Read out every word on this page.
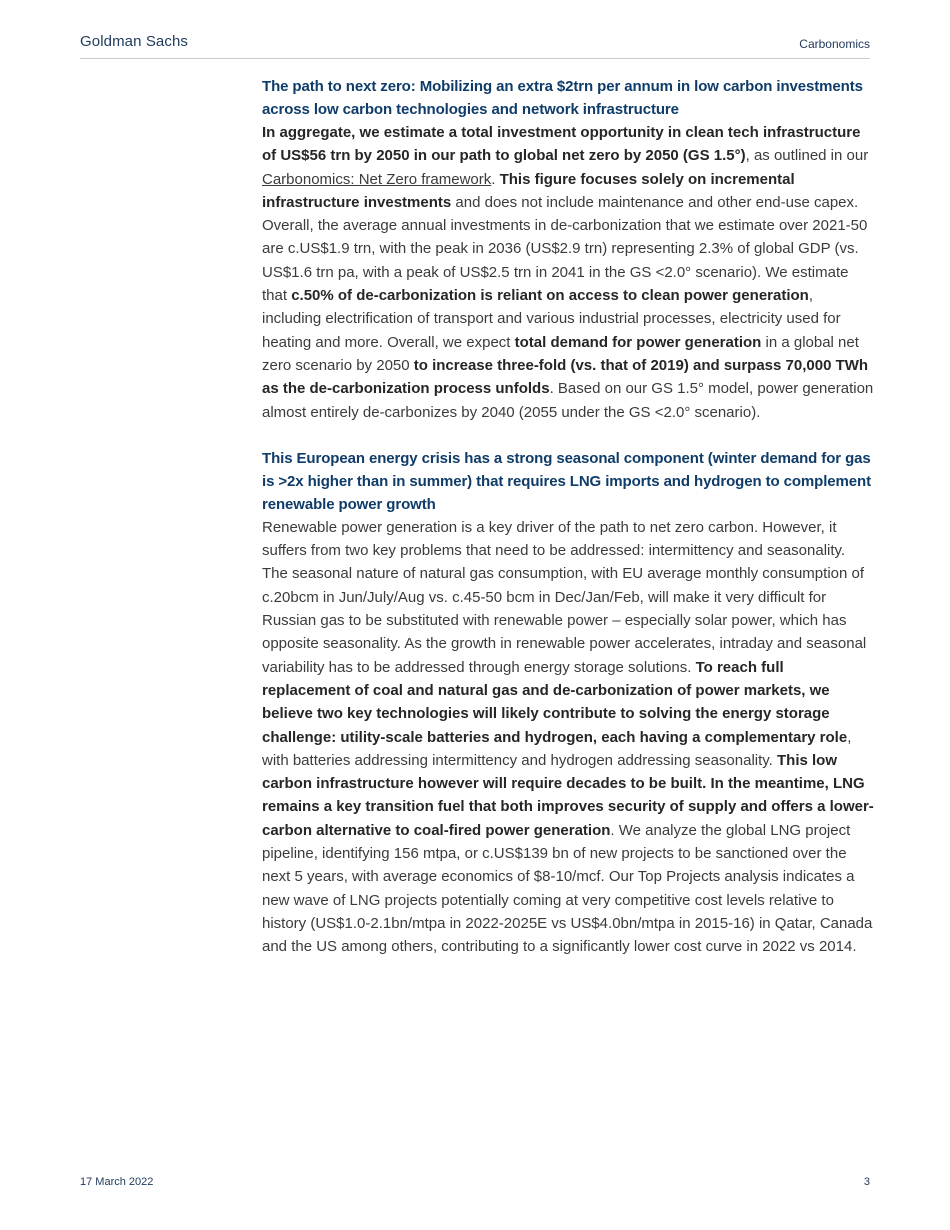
Goldman Sachs	Carbonomics
The path to next zero: Mobilizing an extra $2trn per annum in low carbon investments across low carbon technologies and network infrastructure

In aggregate, we estimate a total investment opportunity in clean tech infrastructure of US$56 trn by 2050 in our path to global net zero by 2050 (GS 1.5°), as outlined in our Carbonomics: Net Zero framework. This figure focuses solely on incremental infrastructure investments and does not include maintenance and other end-use capex. Overall, the average annual investments in de-carbonization that we estimate over 2021-50 are c.US$1.9 trn, with the peak in 2036 (US$2.9 trn) representing 2.3% of global GDP (vs. US$1.6 trn pa, with a peak of US$2.5 trn in 2041 in the GS <2.0° scenario). We estimate that c.50% of de-carbonization is reliant on access to clean power generation, including electrification of transport and various industrial processes, electricity used for heating and more. Overall, we expect total demand for power generation in a global net zero scenario by 2050 to increase three-fold (vs. that of 2019) and surpass 70,000 TWh as the de-carbonization process unfolds. Based on our GS 1.5° model, power generation almost entirely de-carbonizes by 2040 (2055 under the GS <2.0° scenario).

This European energy crisis has a strong seasonal component (winter demand for gas is >2x higher than in summer) that requires LNG imports and hydrogen to complement renewable power growth

Renewable power generation is a key driver of the path to net zero carbon. However, it suffers from two key problems that need to be addressed: intermittency and seasonality. The seasonal nature of natural gas consumption, with EU average monthly consumption of c.20bcm in Jun/July/Aug vs. c.45-50 bcm in Dec/Jan/Feb, will make it very difficult for Russian gas to be substituted with renewable power – especially solar power, which has opposite seasonality. As the growth in renewable power accelerates, intraday and seasonal variability has to be addressed through energy storage solutions. To reach full replacement of coal and natural gas and de-carbonization of power markets, we believe two key technologies will likely contribute to solving the energy storage challenge: utility-scale batteries and hydrogen, each having a complementary role, with batteries addressing intermittency and hydrogen addressing seasonality. This low carbon infrastructure however will require decades to be built. In the meantime, LNG remains a key transition fuel that both improves security of supply and offers a lower-carbon alternative to coal-fired power generation. We analyze the global LNG project pipeline, identifying 156 mtpa, or c.US$139 bn of new projects to be sanctioned over the next 5 years, with average economics of $8-10/mcf. Our Top Projects analysis indicates a new wave of LNG projects potentially coming at very competitive cost levels relative to history (US$1.0-2.1bn/mtpa in 2022-2025E vs US$4.0bn/mtpa in 2015-16) in Qatar, Canada and the US among others, contributing to a significantly lower cost curve in 2022 vs 2014.

17 March 2022	3
